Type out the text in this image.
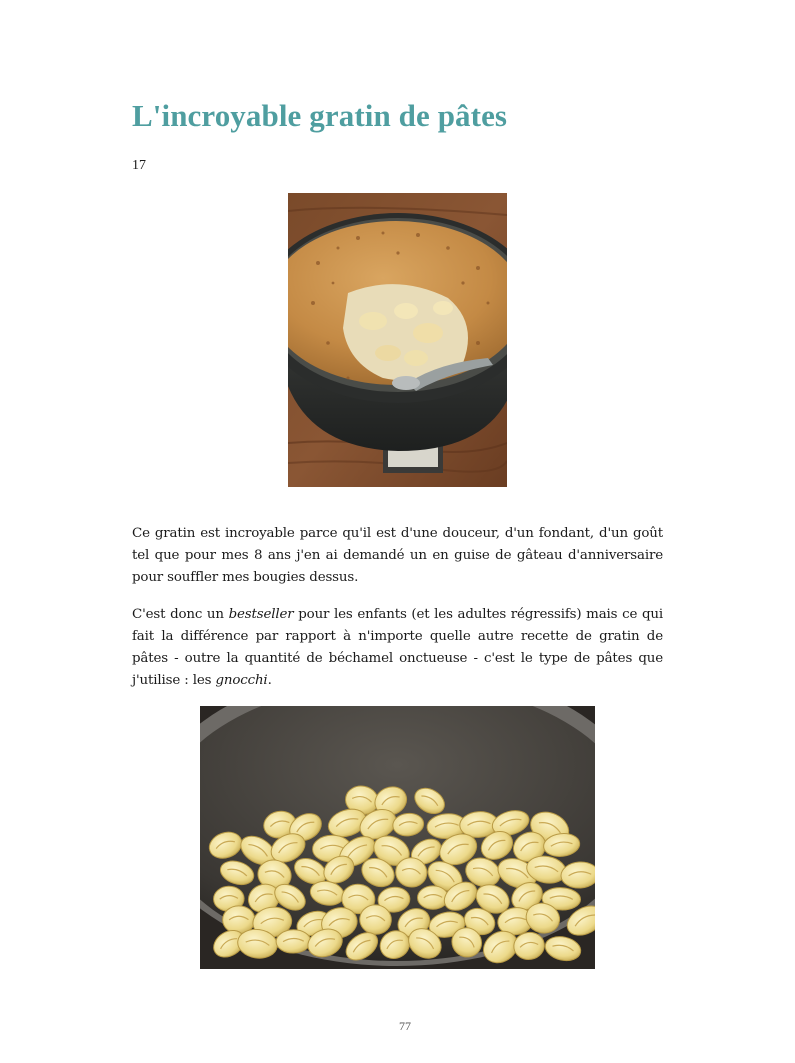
L'incroyable gratin de pâtes
17

Ce gratin est incroyable parce qu'il est d'une douceur, d'un fondant, d'un goût tel que pour mes 8 ans j'en ai demandé un en guise de gâteau d'anniversaire pour souffler mes bougies dessus.

C'est donc un bestseller pour les enfants (et les adultes régressifs) mais ce qui fait la différence par rapport à n'importe quelle autre recette de gratin de pâtes - outre la quantité de béchamel onctueuse - c'est le type de pâtes que j'utilise : les gnocchi.

77
